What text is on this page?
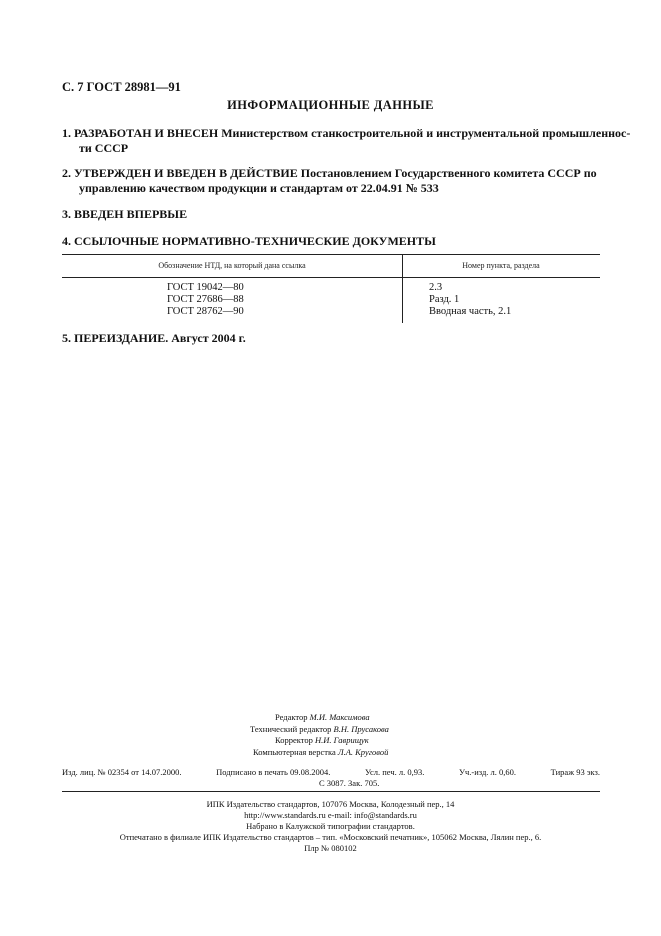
С. 7 ГОСТ 28981—91
ИНФОРМАЦИОННЫЕ ДАННЫЕ
1. РАЗРАБОТАН И ВНЕСЕН Министерством станкостроительной и инструментальной промышленнос-
ти СССР
2. УТВЕРЖДЕН И ВВЕДЕН В ДЕЙСТВИЕ Постановлением Государственного комитета СССР по
управлению качеством продукции и стандартам от 22.04.91 № 533
3. ВВЕДЕН ВПЕРВЫЕ
4. ССЫЛОЧНЫЕ НОРМАТИВНО-ТЕХНИЧЕСКИЕ ДОКУМЕНТЫ
Обозначение НТД, на который дана ссылка	Номер пункта, раздела
ГОСТ 19042—80	2.3
ГОСТ 27686—88	Разд. 1
ГОСТ 28762—90	Вводная часть, 2.1
5. ПЕРЕИЗДАНИЕ. Август 2004 г.
Редактор М.И. Максимова
Технический редактор В.Н. Прусакова
Корректор Н.И. Гаврищук
Компьютерная верстка Л.А. Круговой
Изд. лиц. № 02354 от 14.07.2000.	Подписано в печать 09.08.2004.	Усл. печ. л. 0,93.	Уч.-изд. л. 0,60.	Тираж 93 экз.
С 3087. Зак. 705.
ИПК Издательство стандартов, 107076 Москва, Колодезный пер., 14
http://www.standards.ru e-mail: info@standards.ru
Набрано в Калужской типографии стандартов.
Отпечатано в филиале ИПК Издательство стандартов – тип. «Московский печатник», 105062 Москва, Лялин пер., 6.
Плр № 080102
